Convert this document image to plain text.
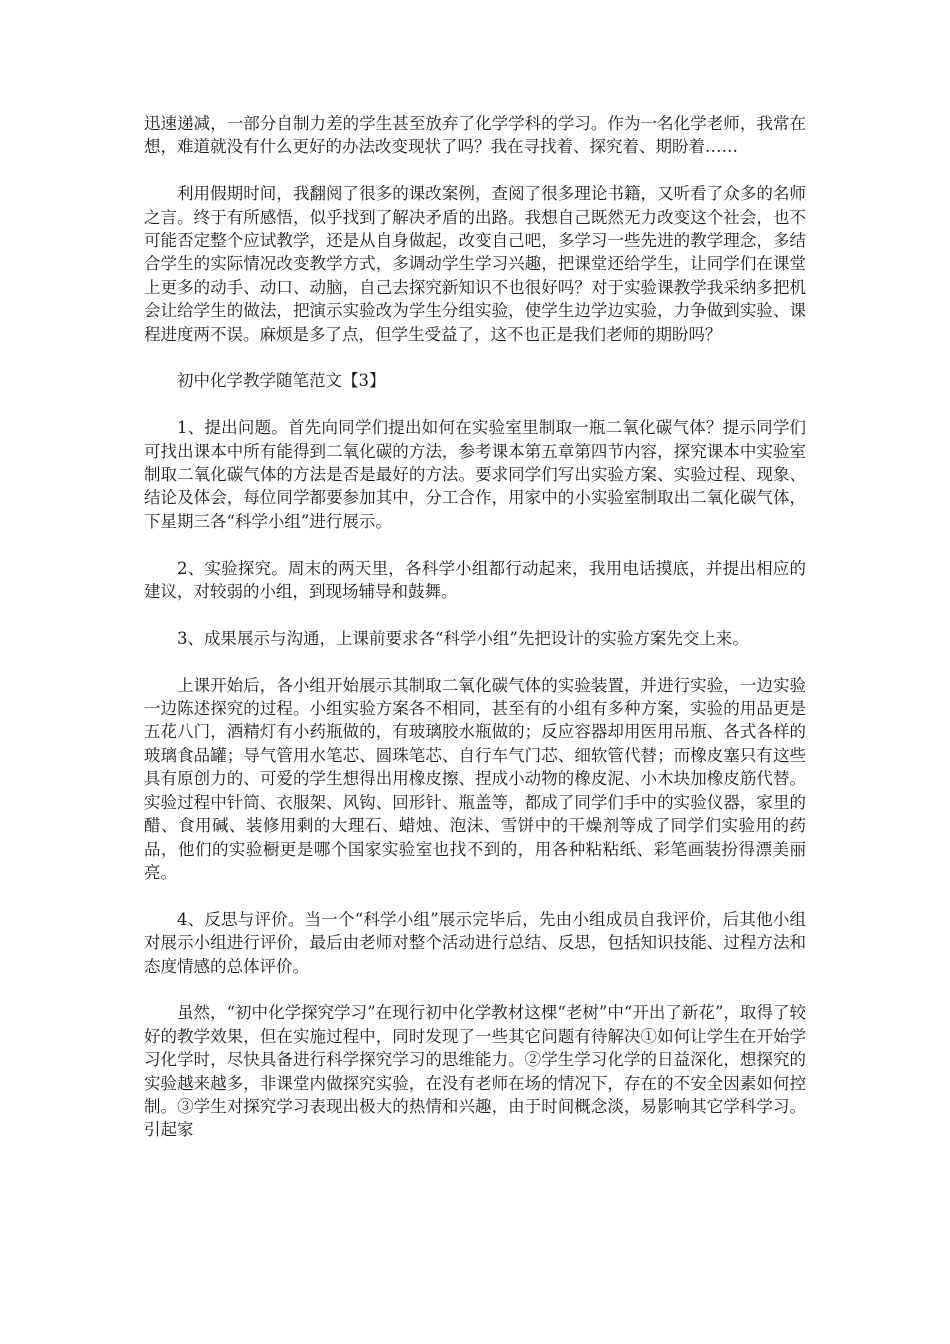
迅速递减，一部分自制力差的学生甚至放弃了化学学科的学习。作为一名化学老师，我常在想，难道就没有什么更好的办法改变现状了吗？我在寻找着、探究着、期盼着……

利用假期时间，我翻阅了很多的课改案例，查阅了很多理论书籍，又听看了众多的名师之言。终于有所感悟，似乎找到了解决矛盾的出路。我想自己既然无力改变这个社会，也不可能否定整个应试教学，还是从自身做起，改变自己吧，多学习一些先进的教学理念，多结合学生的实际情况改变教学方式，多调动学生学习兴趣，把课堂还给学生，让同学们在课堂上更多的动手、动口、动脑，自己去探究新知识不也很好吗？对于实验课教学我采纳多把机会让给学生的做法，把演示实验改为学生分组实验，使学生边学边实验，力争做到实验、课程进度两不误。麻烦是多了点，但学生受益了，这不也正是我们老师的期盼吗？

初中化学教学随笔范文【3】

1、提出问题。首先向同学们提出如何在实验室里制取一瓶二氧化碳气体？提示同学们可找出课本中所有能得到二氧化碳的方法，参考课本第五章第四节内容，探究课本中实验室制取二氧化碳气体的方法是否是最好的方法。要求同学们写出实验方案、实验过程、现象、结论及体会，每位同学都要参加其中，分工合作，用家中的小实验室制取出二氧化碳气体，下星期三各“科学小组”进行展示。

2、实验探究。周末的两天里，各科学小组都行动起来，我用电话摸底，并提出相应的建议，对较弱的小组，到现场辅导和鼓舞。

3、成果展示与沟通，上课前要求各“科学小组”先把设计的实验方案先交上来。

上课开始后，各小组开始展示其制取二氧化碳气体的实验装置，并进行实验，一边实验一边陈述探究的过程。小组实验方案各不相同，甚至有的小组有多种方案，实验的用品更是五花八门，酒精灯有小药瓶做的，有玻璃胶水瓶做的；反应容器却用医用吊瓶、各式各样的玻璃食品罐；导气管用水笔芯、圆珠笔芯、自行车气门芯、细软管代替；而橡皮塞只有这些具有原创力的、可爱的学生想得出用橡皮擦、捏成小动物的橡皮泥、小木块加橡皮筋代替。实验过程中针筒、衣服架、风钩、回形针、瓶盖等，都成了同学们手中的实验仪器，家里的醋、食用碱、装修用剩的大理石、蜡烛、泡沫、雪饼中的干燥剂等成了同学们实验用的药品，他们的实验橱更是哪个国家实验室也找不到的，用各种粘粘纸、彩笔画装扮得漂美丽亮。

4、反思与评价。当一个“科学小组”展示完毕后，先由小组成员自我评价，后其他小组对展示小组进行评价，最后由老师对整个活动进行总结、反思，包括知识技能、过程方法和态度情感的总体评价。

虽然，“初中化学探究学习”在现行初中化学教材这棵“老树”中“开出了新花”，取得了较好的教学效果，但在实施过程中，同时发现了一些其它问题有待解决①如何让学生在开始学习化学时，尽快具备进行科学探究学习的思维能力。②学生学习化学的日益深化，想探究的实验越来越多，非课堂内做探究实验，在没有老师在场的情况下，存在的不安全因素如何控制。③学生对探究学习表现出极大的热情和兴趣，由于时间概念淡，易影响其它学科学习。引起家
